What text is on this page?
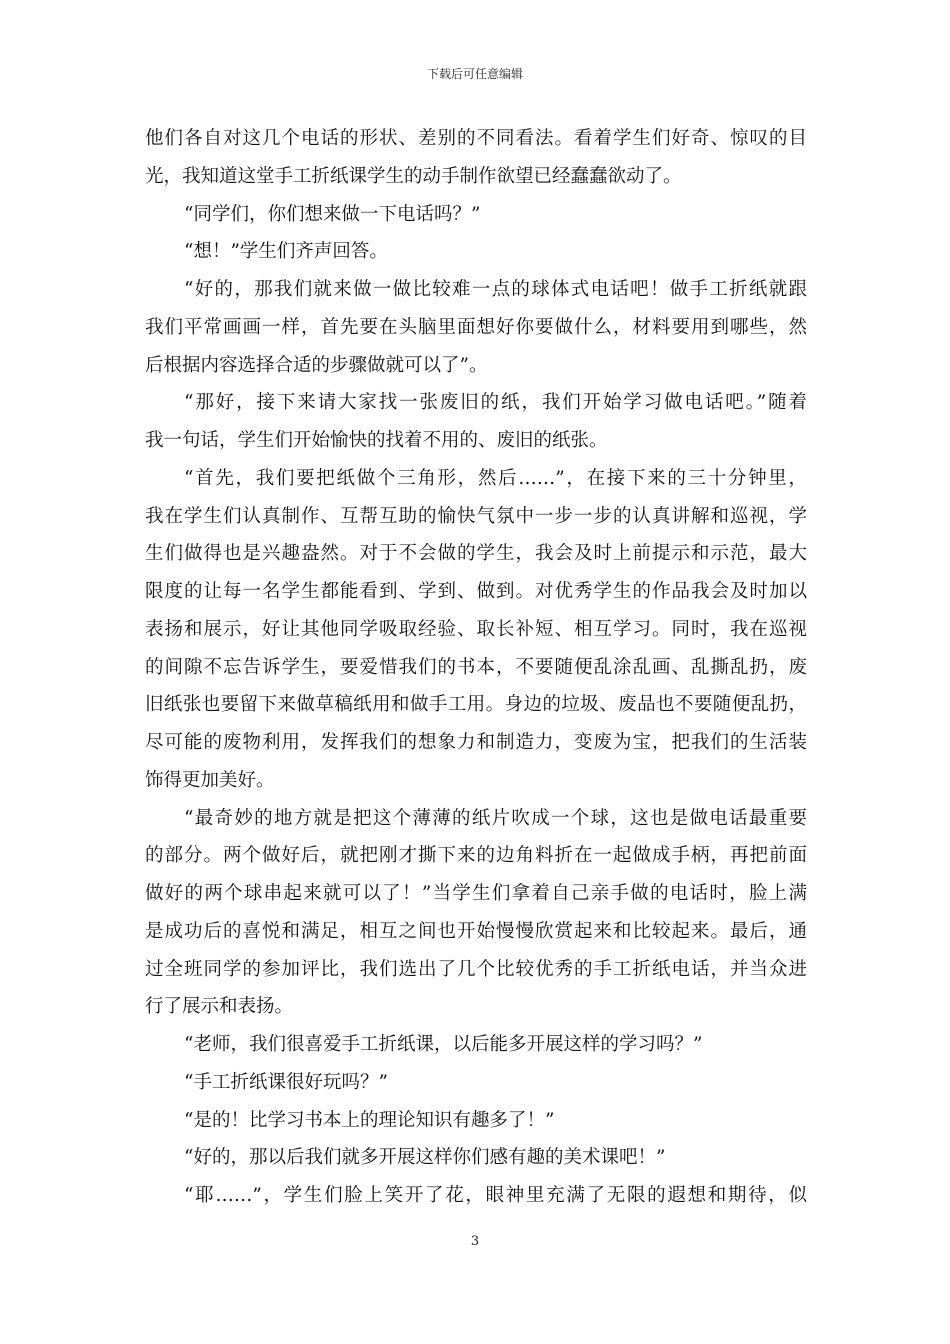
下载后可任意编辑
他们各自对这几个电话的形状、差别的不同看法。看着学生们好奇、惊叹的目
光，我知道这堂手工折纸课学生的动手制作欲望已经蠢蠢欲动了。
“同学们，你们想来做一下电话吗？”
“想！”学生们齐声回答。
“好的，那我们就来做一做比较难一点的球体式电话吧！做手工折纸就跟
我们平常画画一样，首先要在头脑里面想好你要做什么，材料要用到哪些，然
后根据内容选择合适的步骤做就可以了”。
“那好，接下来请大家找一张废旧的纸，我们开始学习做电话吧。”随着
我一句话，学生们开始愉快的找着不用的、废旧的纸张。
“首先，我们要把纸做个三角形，然后……”，在接下来的三十分钟里，
我在学生们认真制作、互帮互助的愉快气氛中一步一步的认真讲解和巡视，学
生们做得也是兴趣盎然。对于不会做的学生，我会及时上前提示和示范，最大
限度的让每一名学生都能看到、学到、做到。对优秀学生的作品我会及时加以
表扬和展示，好让其他同学吸取经验、取长补短、相互学习。同时，我在巡视
的间隙不忘告诉学生，要爱惜我们的书本，不要随便乱涂乱画、乱撕乱扔，废
旧纸张也要留下来做草稿纸用和做手工用。身边的垃圾、废品也不要随便乱扔，
尽可能的废物利用，发挥我们的想象力和制造力，变废为宝，把我们的生活装
饰得更加美好。
“最奇妙的地方就是把这个薄薄的纸片吹成一个球，这也是做电话最重要
的部分。两个做好后，就把刚才撕下来的边角料折在一起做成手柄，再把前面
做好的两个球串起来就可以了！”当学生们拿着自己亲手做的电话时，脸上满
是成功后的喜悦和满足，相互之间也开始慢慢欣赏起来和比较起来。最后，通
过全班同学的参加评比，我们选出了几个比较优秀的手工折纸电话，并当众进
行了展示和表扬。
“老师，我们很喜爱手工折纸课，以后能多开展这样的学习吗？”
“手工折纸课很好玩吗？”
“是的！比学习书本上的理论知识有趣多了！”
“好的，那以后我们就多开展这样你们感有趣的美术课吧！”
“耶……”，学生们脸上笑开了花，眼神里充满了无限的遐想和期待，似
3
